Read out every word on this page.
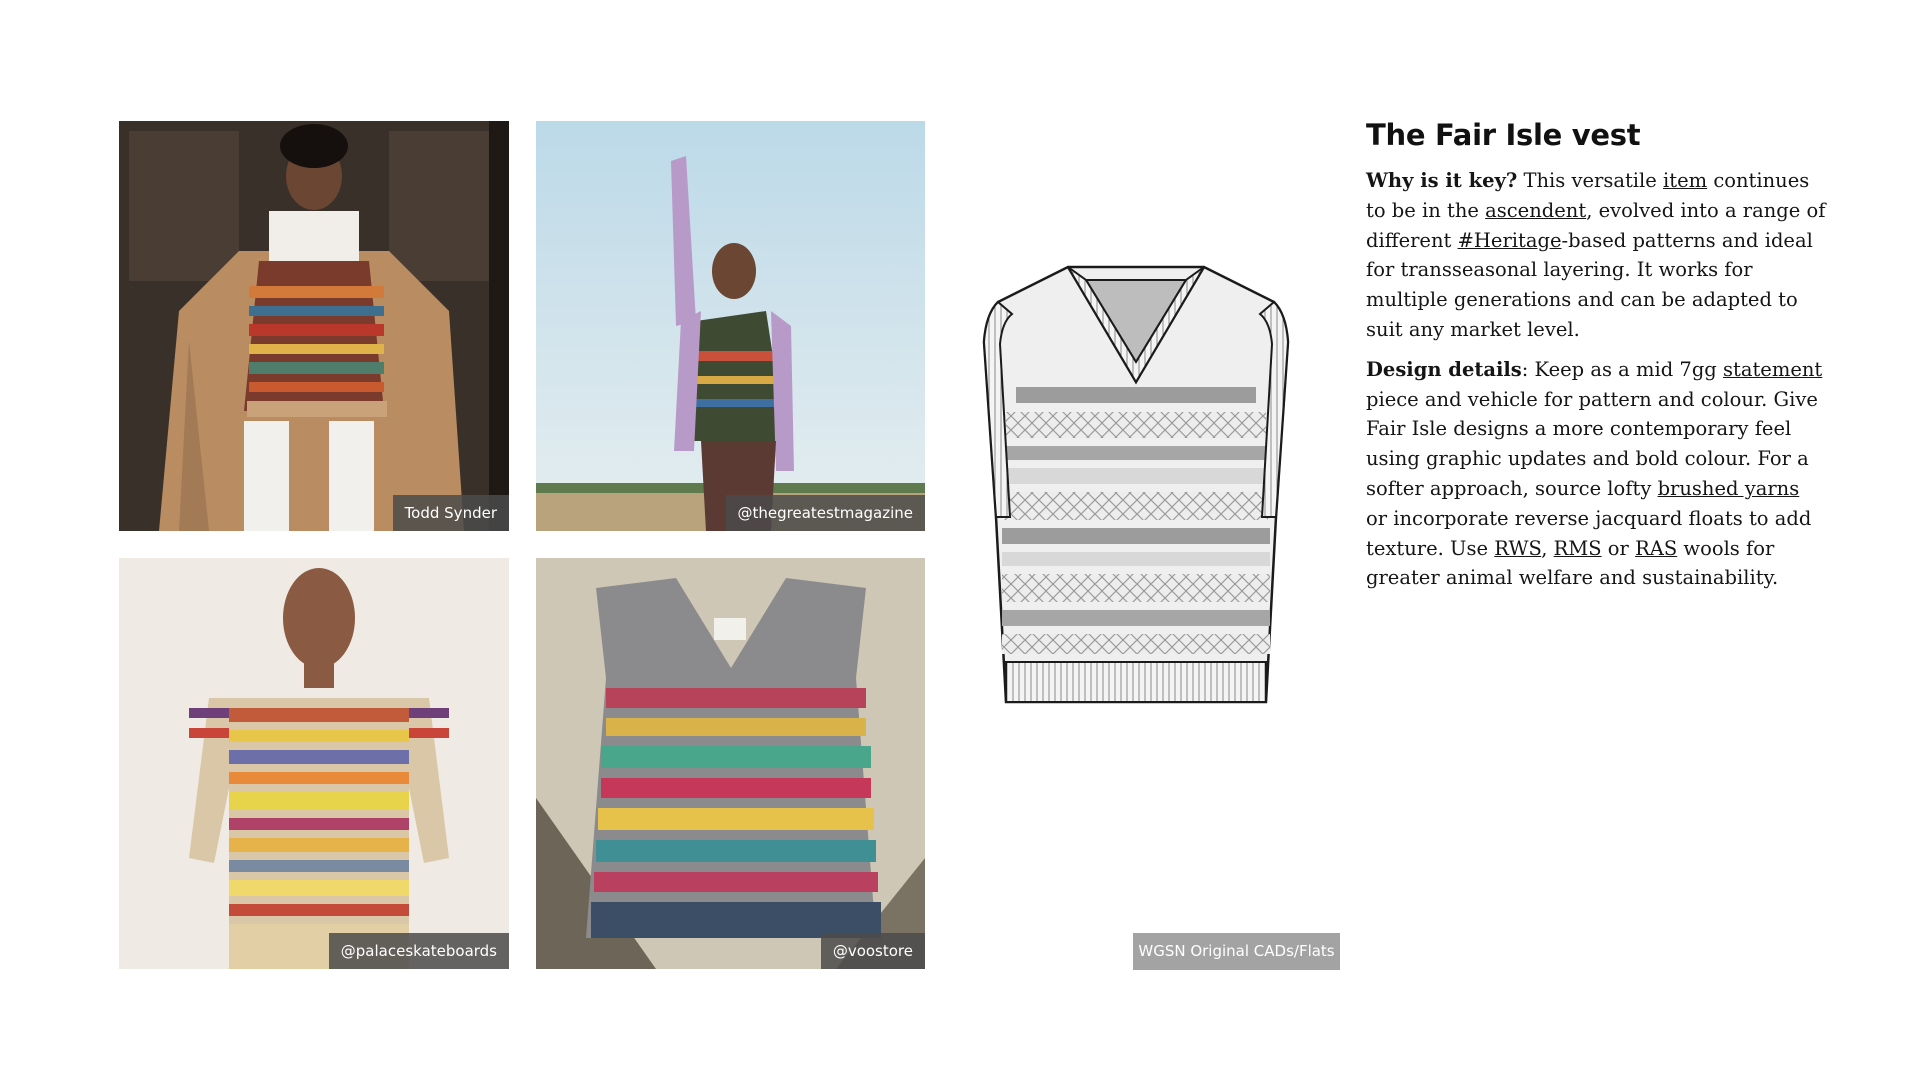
Todd Synder	@thegreatestmagazine
@palaceskateboards	@voostore	WGSN Original CADs/Flats
The Fair Isle vest

Why is it key? This versatile item continues to be in the ascendent, evolved into a range of different #Heritage-based patterns and ideal for transseasonal layering. It works for multiple generations and can be adapted to suit any market level.

Design details: Keep as a mid 7gg statement piece and vehicle for pattern and colour. Give Fair Isle designs a more contemporary feel using graphic updates and bold colour. For a softer approach, source lofty brushed yarns or incorporate reverse jacquard floats to add texture. Use RWS, RMS or RAS wools for greater animal welfare and sustainability.
